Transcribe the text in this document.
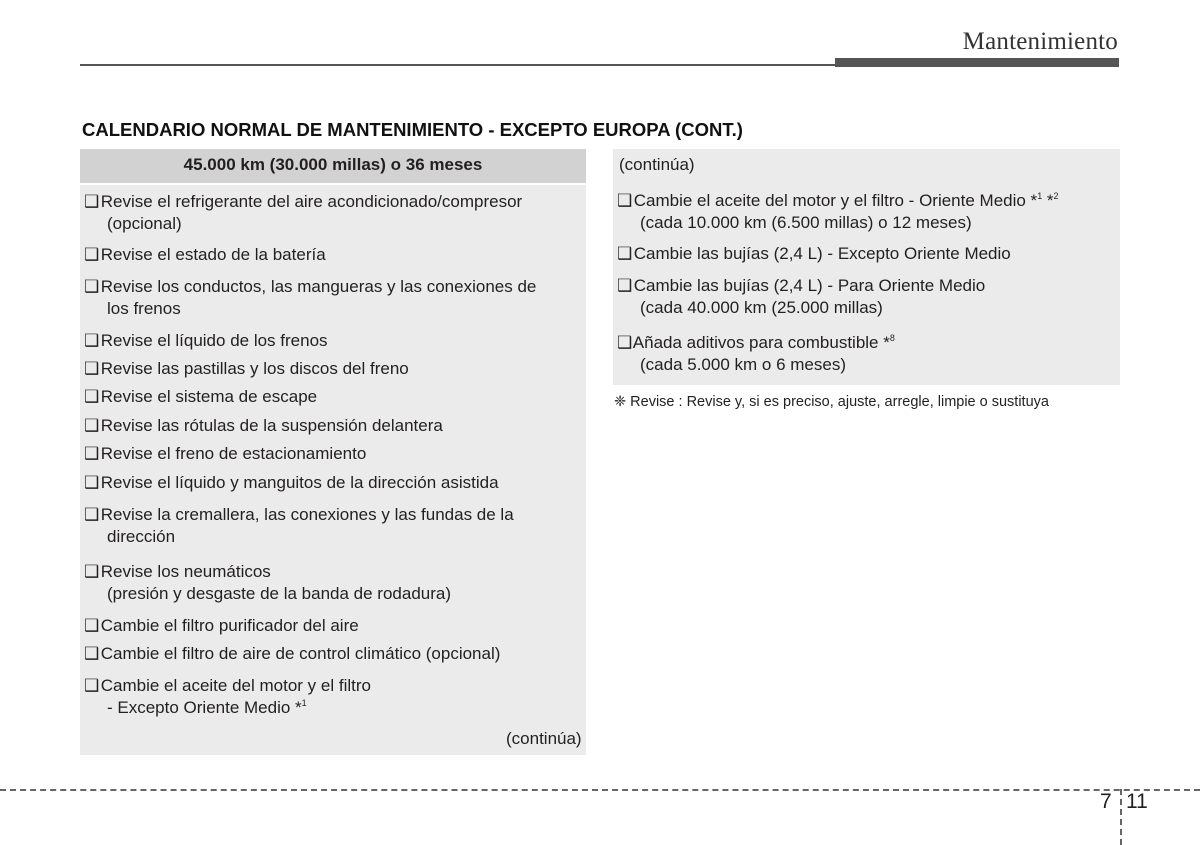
Mantenimiento
CALENDARIO NORMAL DE MANTENIMIENTO - EXCEPTO EUROPA (CONT.)
45.000 km (30.000 millas) o 36 meses
❑ Revise el refrigerante del aire acondicionado/compresor
(opcional)
❑ Revise el estado de la batería
❑ Revise los conductos, las mangueras y las conexiones de
los frenos
❑ Revise el líquido de los frenos
❑ Revise las pastillas y los discos del freno
❑ Revise el sistema de escape
❑ Revise las rótulas de la suspensión delantera
❑ Revise el freno de estacionamiento
❑ Revise el líquido y manguitos de la dirección asistida
❑ Revise la cremallera, las conexiones y las fundas de la
dirección
❑ Revise los neumáticos
(presión y desgaste de la banda de rodadura)
❑ Cambie el filtro purificador del aire
❑ Cambie el filtro de aire de control climático (opcional)
❑ Cambie el aceite del motor y el filtro
- Excepto Oriente Medio *$^1$
(continúa)
(continúa)
❑ Cambie el aceite del motor y el filtro - Oriente Medio *$^1$ *$^2$
(cada 10.000 km (6.500 millas) o 12 meses)
❑ Cambie las bujías (2,4 L) - Excepto Oriente Medio
❑ Cambie las bujías (2,4 L) - Para Oriente Medio
(cada 40.000 km (25.000 millas)
❑ Añada aditivos para combustible *$^8$
(cada 5.000 km o 6 meses)
❈ Revise : Revise y, si es preciso, ajuste, arregle, limpie o sustituya
7 11
